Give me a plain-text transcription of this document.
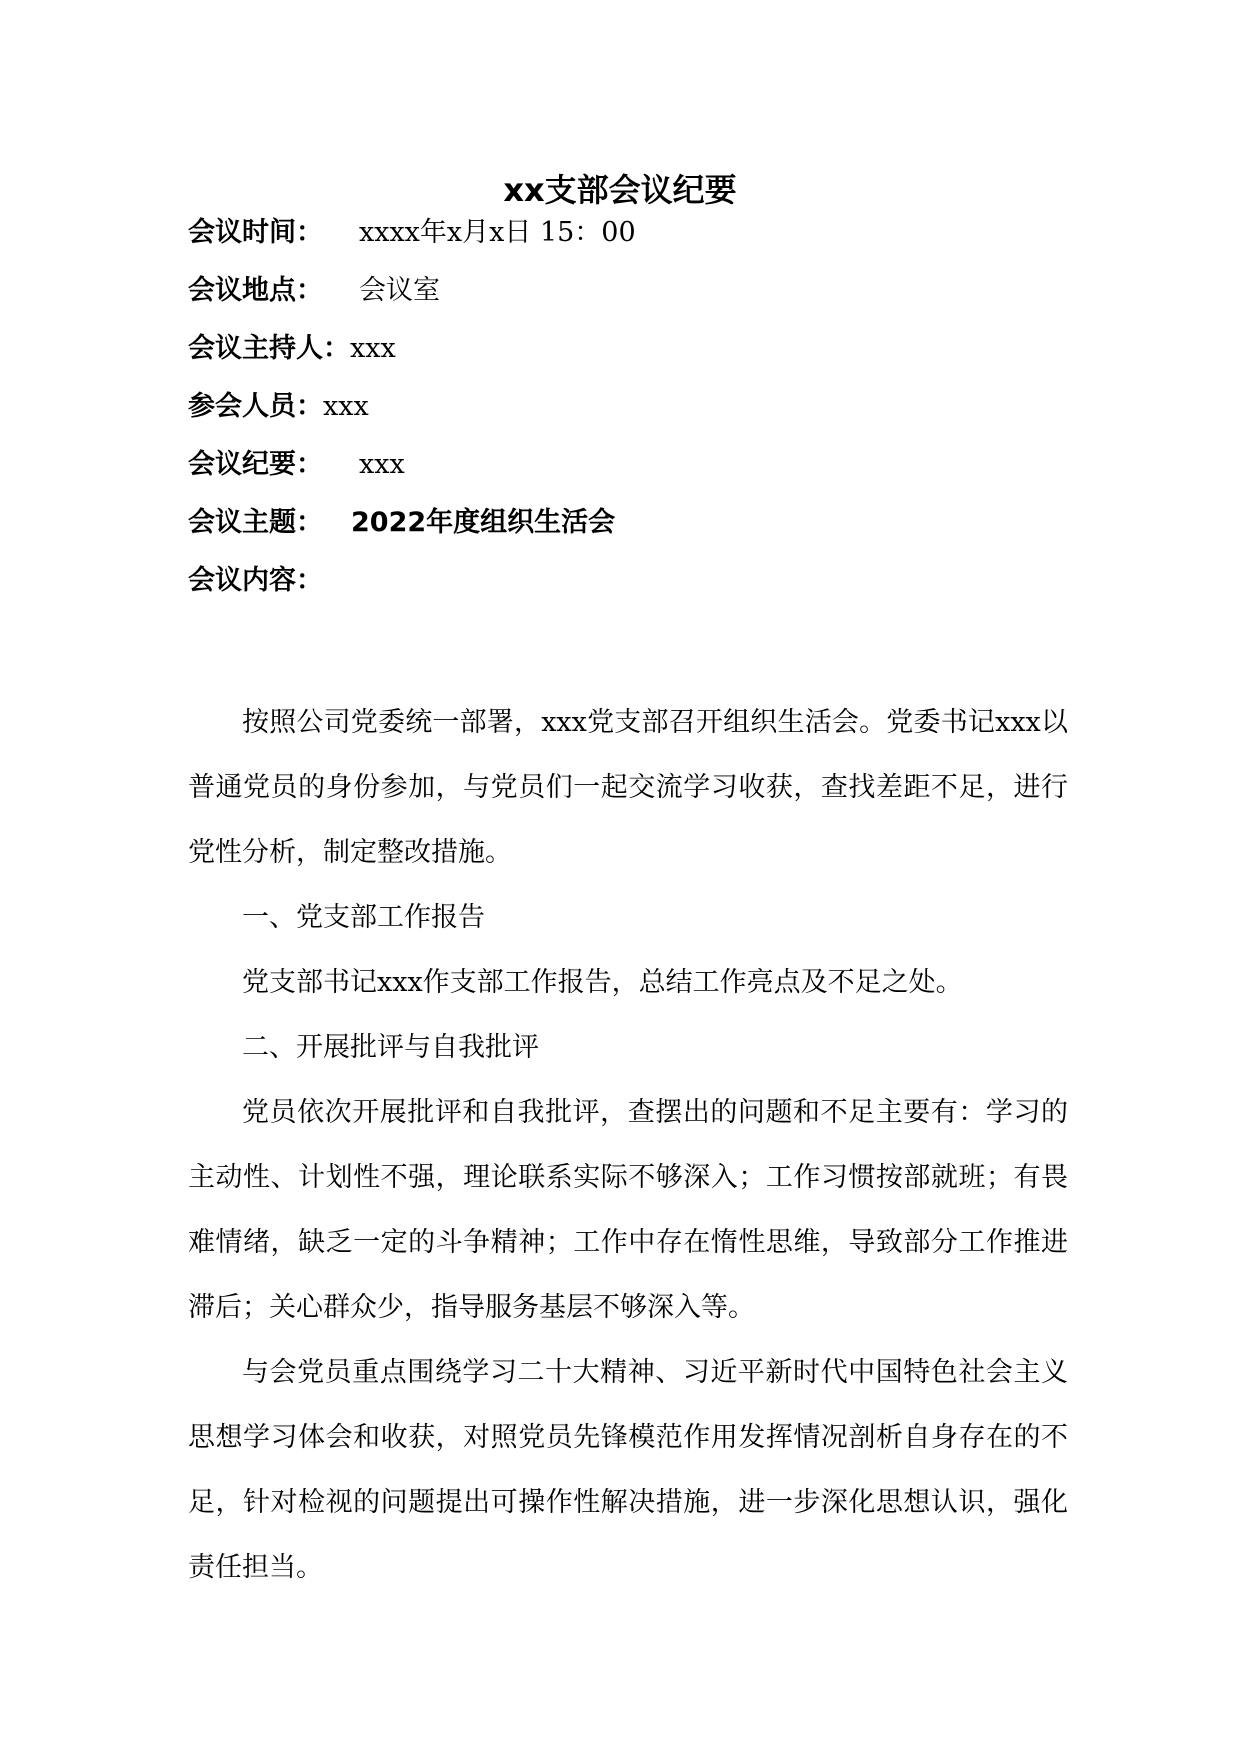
xx支部会议纪要
会议时间： xxxx年x月x日 15：00
会议地点： 会议室
会议主持人：xxx
参会人员：xxx
会议纪要： xxx
会议主题： 2022年度组织生活会
会议内容：

按照公司党委统一部署，xxx党支部召开组织生活会。党委书记xxx以普通党员的身份参加，与党员们一起交流学习收获，查找差距不足，进行党性分析，制定整改措施。

一、党支部工作报告

党支部书记xxx作支部工作报告，总结工作亮点及不足之处。

二、开展批评与自我批评

党员依次开展批评和自我批评，查摆出的问题和不足主要有：学习的主动性、计划性不强，理论联系实际不够深入；工作习惯按部就班；有畏难情绪，缺乏一定的斗争精神；工作中存在惰性思维，导致部分工作推进滞后；关心群众少，指导服务基层不够深入等。

与会党员重点围绕学习二十大精神、习近平新时代中国特色社会主义思想学习体会和收获，对照党员先锋模范作用发挥情况剖析自身存在的不足，针对检视的问题提出可操作性解决措施，进一步深化思想认识，强化责任担当。
